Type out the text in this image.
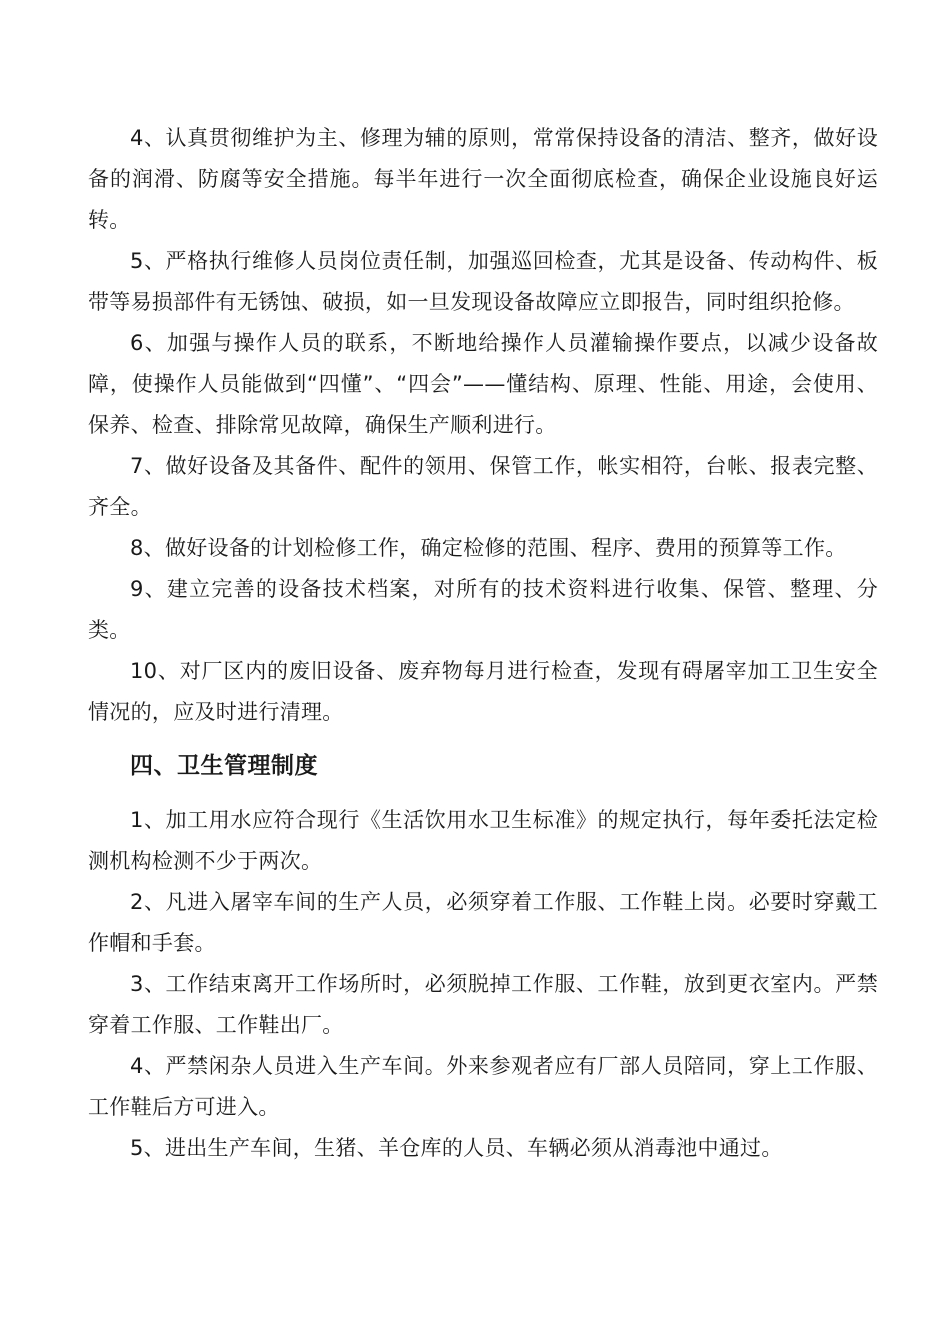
4、认真贯彻维护为主、修理为辅的原则，常常保持设备的清洁、整齐，做好设备的润滑、防腐等安全措施。每半年进行一次全面彻底检查，确保企业设施良好运转。

5、严格执行维修人员岗位责任制，加强巡回检查，尤其是设备、传动构件、板带等易损部件有无锈蚀、破损，如一旦发现设备故障应立即报告，同时组织抢修。

6、加强与操作人员的联系，不断地给操作人员灌输操作要点，以减少设备故障，使操作人员能做到“四懂”、“四会”——懂结构、原理、性能、用途，会使用、保养、检查、排除常见故障，确保生产顺利进行。

7、做好设备及其备件、配件的领用、保管工作，帐实相符，台帐、报表完整、齐全。

8、做好设备的计划检修工作，确定检修的范围、程序、费用的预算等工作。

9、建立完善的设备技术档案，对所有的技术资料进行收集、保管、整理、分类。

10、对厂区内的废旧设备、废弃物每月进行检查，发现有碍屠宰加工卫生安全情况的，应及时进行清理。

四、卫生管理制度

1、加工用水应符合现行《生活饮用水卫生标准》的规定执行，每年委托法定检测机构检测不少于两次。

2、凡进入屠宰车间的生产人员，必须穿着工作服、工作鞋上岗。必要时穿戴工作帽和手套。

3、工作结束离开工作场所时，必须脱掉工作服、工作鞋，放到更衣室内。严禁穿着工作服、工作鞋出厂。

4、严禁闲杂人员进入生产车间。外来参观者应有厂部人员陪同，穿上工作服、工作鞋后方可进入。

5、进出生产车间，生猪、羊仓库的人员、车辆必须从消毒池中通过。
